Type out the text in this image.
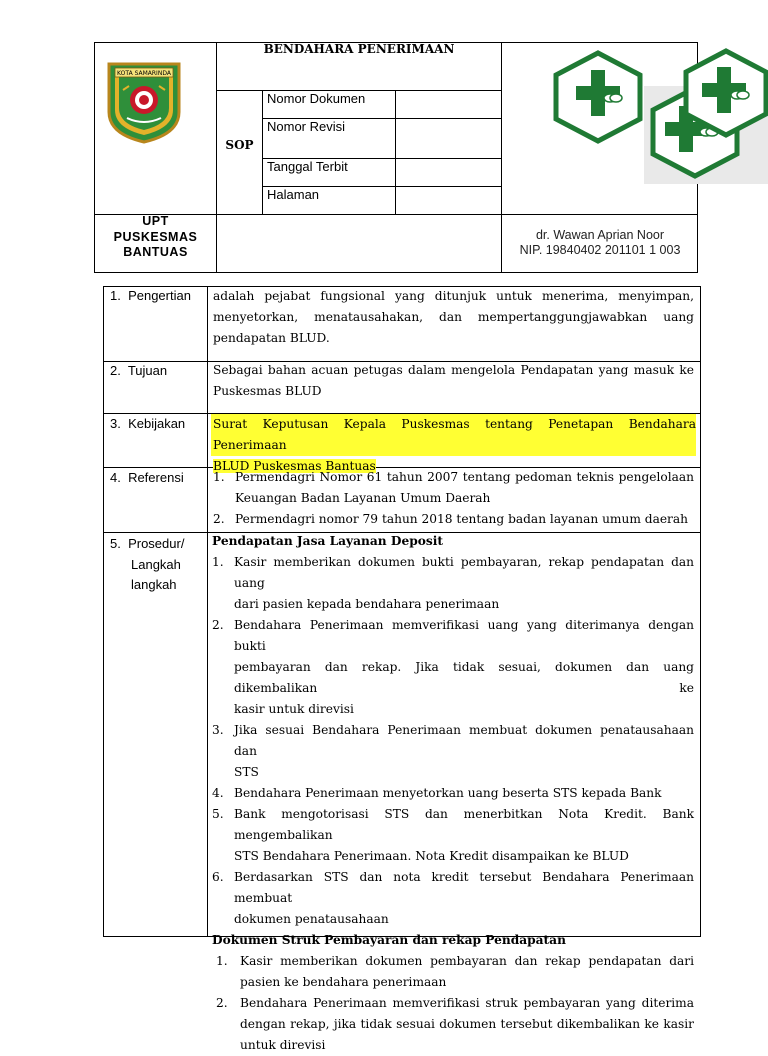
KOTA SAMARINDA
BENDAHARA PENERIMAAN
SOP
Nomor Dokumen
Nomor Revisi
Tanggal Terbit
Halaman
UPT
PUSKESMAS
BANTUAS
dr. Wawan Aprian Noor
NIP. 19840402 201101 1 003
1.  Pengertian
2.  Tujuan
3.  Kebijakan
4.  Referensi
5.  Prosedur/
Langkah
langkah

adalah pejabat fungsional yang ditunjuk untuk menerima, menyimpan,

menyetorkan, menatausahakan, dan mempertanggungjawabkan uang

pendapatan BLUD.

Sebagai bahan acuan petugas dalam mengelola Pendapatan yang masuk ke

Puskesmas BLUD

Surat Keputusan Kepala Puskesmas tentang Penetapan Bendahara Penerimaan

BLUD Puskesmas Bantuas

1. Permendagri Nomor 61 tahun 2007 tentang pedoman teknis pengelolaan

Keuangan Badan Layanan Umum Daerah

2. Permendagri nomor 79 tahun 2018 tentang badan layanan umum daerah

Pendapatan Jasa Layanan Deposit

1. Kasir memberikan dokumen bukti pembayaran, rekap pendapatan dan uang

dari pasien kepada bendahara penerimaan

2. Bendahara Penerimaan memverifikasi uang yang diterimanya dengan bukti

pembayaran dan rekap. Jika tidak sesuai, dokumen dan uang dikembalikan ke

kasir untuk direvisi

3. Jika sesuai Bendahara Penerimaan membuat dokumen penatausahaan dan

STS

4. Bendahara Penerimaan menyetorkan uang beserta STS kepada Bank

5. Bank mengotorisasi STS dan menerbitkan Nota Kredit. Bank mengembalikan

STS Bendahara Penerimaan. Nota Kredit disampaikan ke BLUD

6. Berdasarkan STS dan nota kredit tersebut Bendahara Penerimaan membuat

dokumen penatausahaan

Dokumen Struk Pembayaran dan rekap Pendapatan

1.	Kasir memberikan dokumen pembayaran dan rekap pendapatan dari

pasien ke bendahara penerimaan

2.	Bendahara Penerimaan memverifikasi struk pembayaran yang diterima

dengan rekap, jika tidak sesuai dokumen tersebut dikembalikan ke kasir

untuk direvisi
